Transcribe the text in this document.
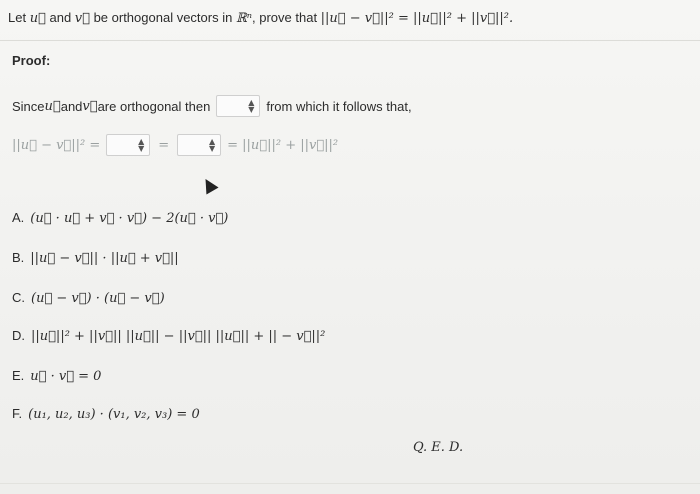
Let u⃗ and v⃗ be orthogonal vectors in ℝⁿ, prove that ||u⃗ − v⃗||² = ||u⃗||² + ||v⃗||².
Proof:
Since u⃗ and v⃗ are orthogonal then	▲
▼ from which it follows that,
||u⃗ − v⃗||² =	▲
▼ =	▲
▼ = ||u⃗||² + ||v⃗||²
A. (u⃗ · u⃗ + v⃗ · v⃗) − 2(u⃗ · v⃗)
B. ||u⃗ − v⃗|| · ||u⃗ + v⃗||
C. (u⃗ − v⃗) · (u⃗ − v⃗)
D. ||u⃗||² + ||v⃗|| ||u⃗|| − ||v⃗|| ||u⃗|| + || − v⃗||²
E. u⃗ · v⃗ = 0
F. (u₁, u₂, u₃) · (v₁, v₂, v₃) = 0
Q. E. D.
